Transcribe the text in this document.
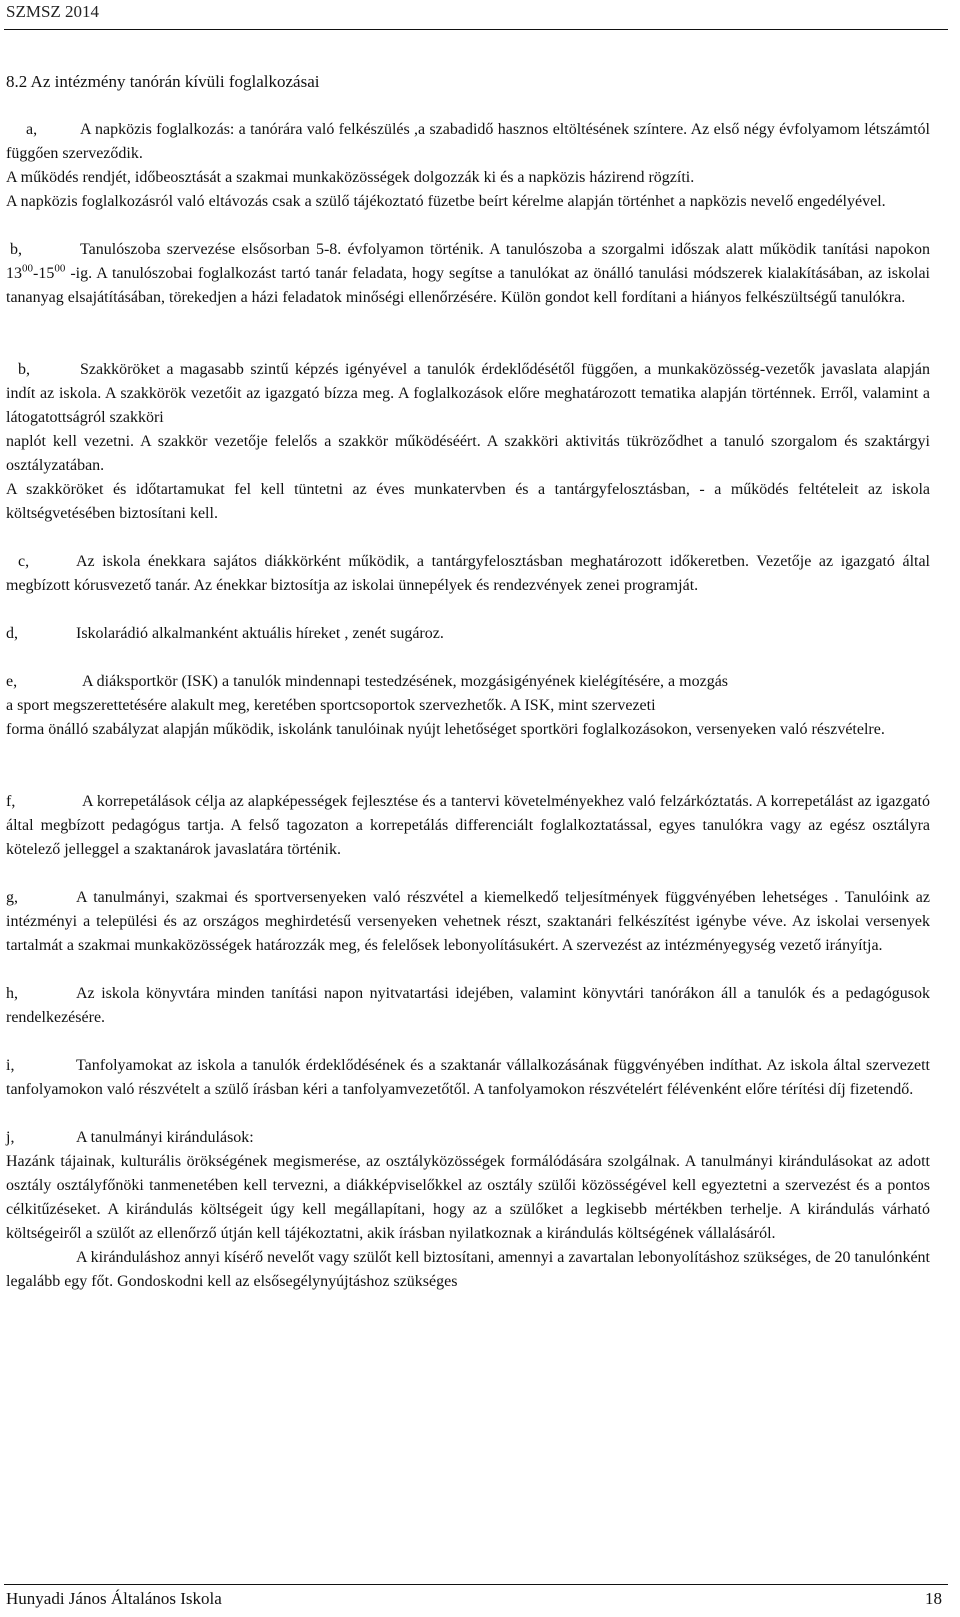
SZMSZ 2014
8.2 Az intézmény tanórán kívüli foglalkozásai

a,	A napközis foglalkozás: a tanórára való felkészülés ,a szabadidő hasznos eltöltésének színtere. Az első négy évfolyamom létszámtól függően szerveződik.

A működés rendjét, időbeosztását a szakmai munkaközösségek dolgozzák ki és a napközis házirend rögzíti.

A napközis foglalkozásról való eltávozás csak a szülő tájékoztató füzetbe beírt kérelme alapján történhet a napközis nevelő engedélyével.

b,	Tanulószoba szervezése elsősorban 5-8. évfolyamon történik. A tanulószoba a szorgalmi időszak alatt működik tanítási napokon $13^{00}-15^{00}$ -ig. A tanulószobai foglalkozást tartó tanár feladata, hogy segítse a tanulókat az önálló tanulási módszerek kialakításában, az iskolai tananyag elsajátításában, törekedjen a házi feladatok minőségi ellenőrzésére. Külön gondot kell fordítani a hiányos felkészültségű tanulókra.

b,	Szakköröket a magasabb szintű képzés igényével a tanulók érdeklődésétől függően, a munkaközösség-vezetők javaslata alapján indít az iskola. A szakkörök vezetőit az igazgató bízza meg. A foglalkozások előre meghatározott tematika alapján történnek. Erről, valamint a látogatottságról szakköri

naplót kell vezetni. A szakkör vezetője felelős a szakkör működéséért. A szakköri aktivitás tükröződhet a tanuló szorgalom és szaktárgyi osztályzatában.

A szakköröket és időtartamukat fel kell tüntetni az éves munkatervben és a tantárgyfelosztásban, - a működés feltételeit az iskola költségvetésében biztosítani kell.

c,	Az iskola énekkara sajátos diákkörként működik, a tantárgyfelosztásban meghatározott időkeretben. Vezetője az igazgató által megbízott kórusvezető tanár. Az énekkar biztosítja az iskolai ünnepélyek és rendezvények zenei programját.

d,	Iskolarádió alkalmanként aktuális híreket , zenét sugároz.

e,	A diáksportkör (ISK) a tanulók mindennapi testedzésének, mozgásigényének kielégítésére, a mozgás

a sport megszerettetésére alakult meg, keretében sportcsoportok szervezhetők. A ISK, mint szervezeti

forma önálló szabályzat alapján működik, iskolánk tanulóinak nyújt lehetőséget sportköri foglalkozásokon, versenyeken való részvételre.

f,	A korrepetálások célja az alapképességek fejlesztése és a tantervi követelményekhez való felzárkóztatás. A korrepetálást az igazgató által megbízott pedagógus tartja. A felső tagozaton a korrepetálás differenciált foglalkoztatással, egyes tanulókra vagy az egész osztályra kötelező jelleggel a szaktanárok javaslatára történik.

g,	A tanulmányi, szakmai és sportversenyeken való részvétel a kiemelkedő teljesítmények függvényében lehetséges . Tanulóink az intézményi a települési és az országos meghirdetésű versenyeken vehetnek részt, szaktanári felkészítést igénybe véve. Az iskolai versenyek tartalmát a szakmai munkaközösségek határozzák meg, és felelősek lebonyolításukért. A szervezést az intézményegység vezető irányítja.

h,	Az iskola könyvtára minden tanítási napon nyitvatartási idejében, valamint könyvtári tanórákon áll a tanulók és a pedagógusok rendelkezésére.

i,	Tanfolyamokat az iskola a tanulók érdeklődésének és a szaktanár vállalkozásának függvényében indíthat. Az iskola által szervezett tanfolyamokon való részvételt a szülő írásban kéri a tanfolyamvezetőtől. A tanfolyamokon részvételért félévenként előre térítési díj fizetendő.

j,	A tanulmányi kirándulások:

Hazánk tájainak, kulturális örökségének megismerése, az osztályközösségek formálódására szolgálnak. A tanulmányi kirándulásokat az adott osztály osztályfőnöki tanmenetében kell tervezni, a diákképviselőkkel az osztály szülői közösségével kell egyeztetni a szervezést és a pontos célkitűzéseket. A kirándulás költségeit úgy kell megállapítani, hogy az a szülőket a legkisebb mértékben terhelje. A kirándulás várható költségeiről a szülőt az ellenőrző útján kell tájékoztatni, akik írásban nyilatkoznak a kirándulás költségének vállalásáról.

A kiránduláshoz annyi kísérő nevelőt vagy szülőt kell biztosítani, amennyi a zavartalan lebonyolításhoz szükséges, de 20 tanulónként legalább egy főt. Gondoskodni kell az elsősegélynyújtáshoz szükséges

Hunyadi János Általános Iskola	18
